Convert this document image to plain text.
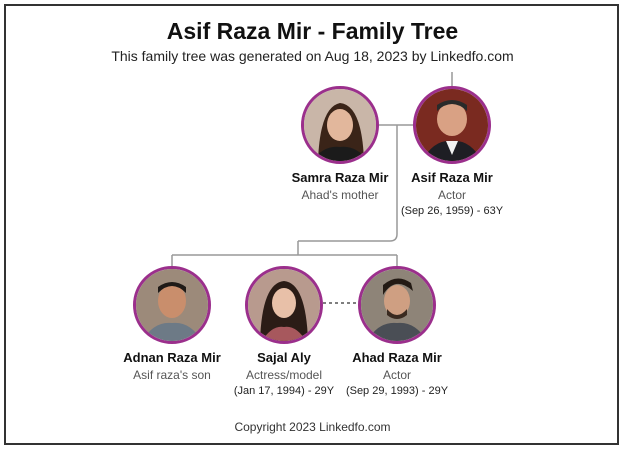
Asif Raza Mir - Family Tree
This family tree was generated on Aug 18, 2023 by Linkedfo.com
Samra Raza Mir
Ahad's mother
Asif Raza Mir
Actor
(Sep 26, 1959) - 63Y
Adnan Raza Mir
Asif raza's son
Sajal Aly
Actress/model
(Jan 17, 1994) - 29Y
Ahad Raza Mir
Actor
(Sep 29, 1993) - 29Y
Copyright 2023 Linkedfo.com
